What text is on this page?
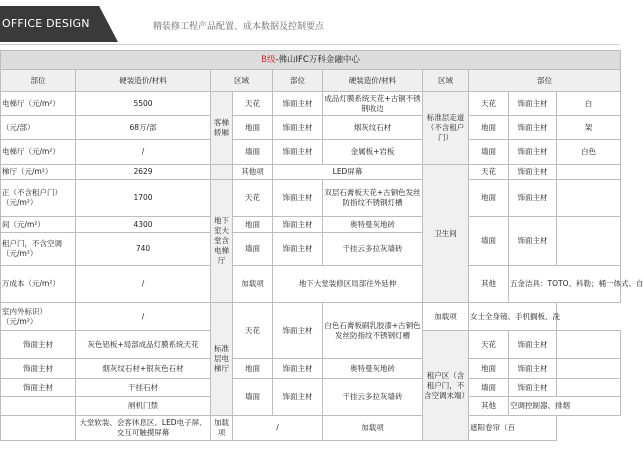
OFFICE DESIGN	精装修工程产品配置、成本数据及控制要点
B级-佛山IFC万科金融中心									
部位	硬装造价/材料	区域		部位	硬装造价/材料	区域	部位		
电梯厅（元/m²）	5500	客梯轿厢	天花	饰面主材	成品灯膜系统天花+古铜不锈钢收边	标准层走道（不含租户门）	天花	饰面主材	白
（元/部）	68万/部		地面	饰面主材	烟灰纹石材		地面	饰面主材	架
电梯厅（元/m²）	/		墙面	饰面主材	金属板+岩板		墙面	饰面主材	白色
梯厅（元/m²）	2629		其他项	LED屏幕		卫生间	天花	饰面主材	
正（不含租户门）（元/m²）	1700	地下室大堂含电梯厅	天花	饰面主材	双层石膏板天花+古铜色发丝防指纹不锈钢灯槽		地面	饰面主材	
间（元/m²）	4300		地面	饰面主材	奥特曼灰地砖		墙面	饰面主材	
租户门，不含空调（元/m²）	740		墙面	饰面主材	干挂云多拉灰墙砖				
万成本（元/m²）	/		加载项	地下大堂装修区局部往外延伸			其他	五金洁具：TOTO、科勒；桶一体式、自	
室内外标识）（元/m²）	/	标准层电梯厅	天花	饰面主材	白色石膏板刷乳胶漆+古铜色发丝防指纹不锈钢灯槽	加载项	女士全身镜、手机搁板、洗		
饰面主材	灰色铝板+局部成品灯膜系统天花					租户区（含租户门，不含空调末端）	天花	饰面主材	
饰面主材	烟灰纹石材+银灰色石材		地面	饰面主材	奥特曼灰地砖		地面	饰面主材	
饰面主材	干挂石材		墙面	饰面主材	干挂云多拉灰墙砖		墙面	饰面主材	
	闸机门禁						其他	空调控制器、排烟	
	大堂软装、会客休息区、LED电子屏、交互可触摸屏幕	加载项	/		加载项		遮阳卷帘（百		
